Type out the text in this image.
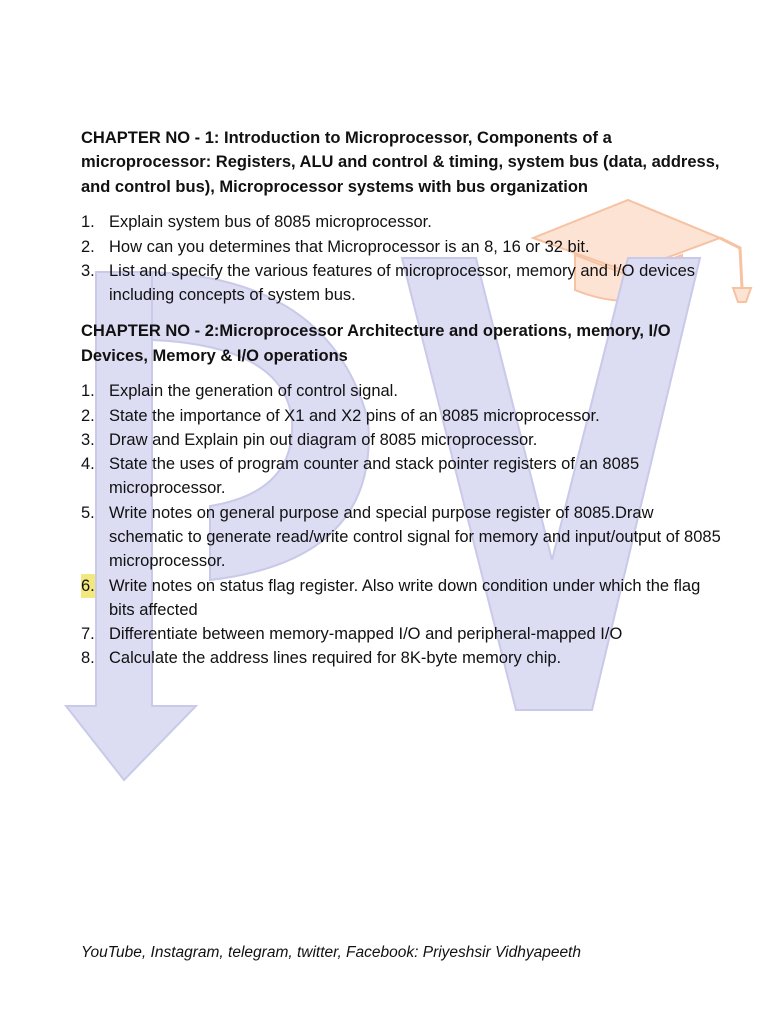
CHAPTER NO - 1: Introduction to Microprocessor, Components of a microprocessor: Registers, ALU and control & timing, system bus (data, address, and control bus), Microprocessor systems with bus organization
1. Explain system bus of 8085 microprocessor.
2. How can you determines that Microprocessor is an 8, 16 or 32 bit.
3. List and specify the various features of microprocessor, memory and I/O devices including concepts of system bus.
CHAPTER NO - 2:Microprocessor Architecture and operations, memory, I/O Devices, Memory & I/O operations
1. Explain the generation of control signal.
2. State the importance of X1 and X2 pins of an 8085 microprocessor.
3. Draw and Explain pin out diagram of 8085 microprocessor.
4. State the uses of program counter and stack pointer registers of an 8085 microprocessor.
5. Write notes on general purpose and special purpose register of 8085.Draw schematic to generate read/write control signal for memory and input/output of 8085 microprocessor.
6. Write notes on status flag register. Also write down condition under which the flag bits affected
7. Differentiate between memory-mapped I/O and peripheral-mapped I/O
8. Calculate the address lines required for 8K-byte memory chip.
YouTube, Instagram, telegram, twitter, Facebook: Priyeshsir Vidhyapeeth
